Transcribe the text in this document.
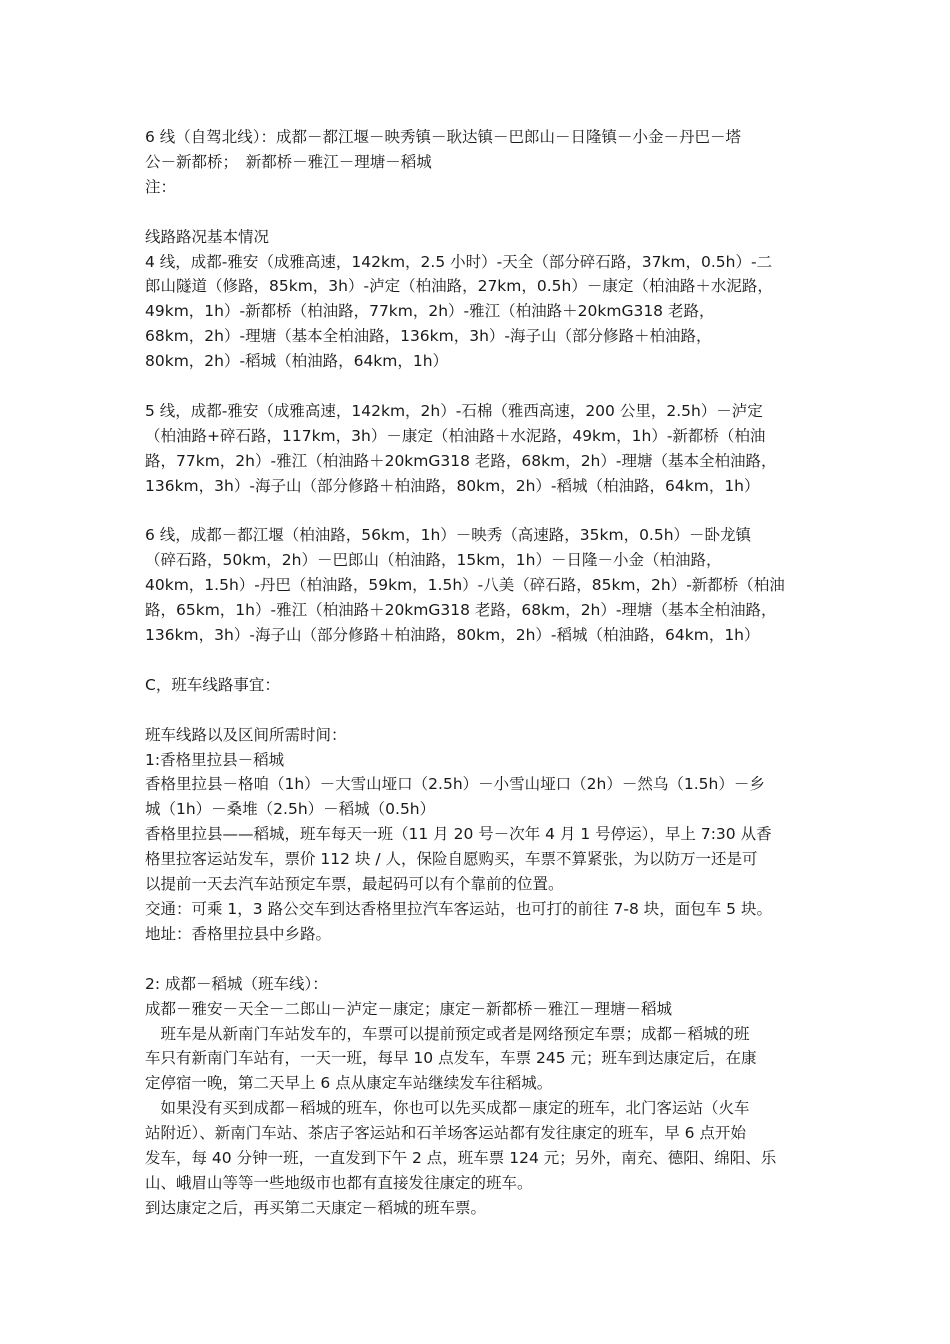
6 线（自驾北线）：成都－都江堰－映秀镇－耿达镇－巴郎山－日隆镇－小金－丹巴－塔

公－新都桥；　新都桥－雅江－理塘－稻城

注：

线路路况基本情况

4 线，成都-雅安（成雅高速，142km，2.5 小时）-天全（部分碎石路，37km，0.5h）-二

郎山隧道（修路，85km，3h）-泸定（柏油路，27km，0.5h）－康定（柏油路＋水泥路，

49km，1h）-新都桥（柏油路，77km，2h）-雅江（柏油路＋20kmG318 老路，

68km，2h）-理塘（基本全柏油路，136km，3h）-海子山（部分修路＋柏油路，

80km，2h）-稻城（柏油路，64km，1h）

5 线，成都-雅安（成雅高速，142km，2h）-石棉（雅西高速，200 公里，2.5h）－泸定

（柏油路+碎石路，117km，3h）－康定（柏油路＋水泥路，49km，1h）-新都桥（柏油

路，77km，2h）-雅江（柏油路＋20kmG318 老路，68km，2h）-理塘（基本全柏油路，

136km，3h）-海子山（部分修路＋柏油路，80km，2h）-稻城（柏油路，64km，1h）

6 线，成都－都江堰（柏油路，56km，1h）－映秀（高速路，35km，0.5h）－卧龙镇

（碎石路，50km，2h）－巴郎山（柏油路，15km，1h）－日隆－小金（柏油路，

40km，1.5h）-丹巴（柏油路，59km，1.5h）-八美（碎石路，85km，2h）-新都桥（柏油

路，65km，1h）-雅江（柏油路＋20kmG318 老路，68km，2h）-理塘（基本全柏油路，

136km，3h）-海子山（部分修路＋柏油路，80km，2h）-稻城（柏油路，64km，1h）

C，班车线路事宜：

班车线路以及区间所需时间：

1:香格里拉县－稻城

香格里拉县－格咱（1h）－大雪山垭口（2.5h）－小雪山垭口（2h）－然乌（1.5h）－乡

城（1h）－桑堆（2.5h）－稻城（0.5h）

香格里拉县——稻城，班车每天一班（11 月 20 号－次年 4 月 1 号停运），早上 7:30 从香

格里拉客运站发车，票价 112 块 / 人，保险自愿购买，车票不算紧张，为以防万一还是可

以提前一天去汽车站预定车票，最起码可以有个靠前的位置。

交通：可乘 1，3 路公交车到达香格里拉汽车客运站，也可打的前往 7-8 块，面包车 5 块。

地址：香格里拉县中乡路。

2: 成都－稻城（班车线）：

成都－雅安－天全－二郎山－泸定－康定；康定－新都桥－雅江－理塘－稻城

　班车是从新南门车站发车的，车票可以提前预定或者是网络预定车票；成都－稻城的班

车只有新南门车站有，一天一班，每早 10 点发车，车票 245 元；班车到达康定后，在康

定停宿一晚，第二天早上 6 点从康定车站继续发车往稻城。

　如果没有买到成都－稻城的班车，你也可以先买成都－康定的班车，北门客运站（火车

站附近）、新南门车站、茶店子客运站和石羊场客运站都有发往康定的班车，早 6 点开始

发车，每 40 分钟一班，一直发到下午 2 点，班车票 124 元；另外，南充、德阳、绵阳、乐

山、峨眉山等等一些地级市也都有直接发往康定的班车。

到达康定之后，再买第二天康定－稻城的班车票。
